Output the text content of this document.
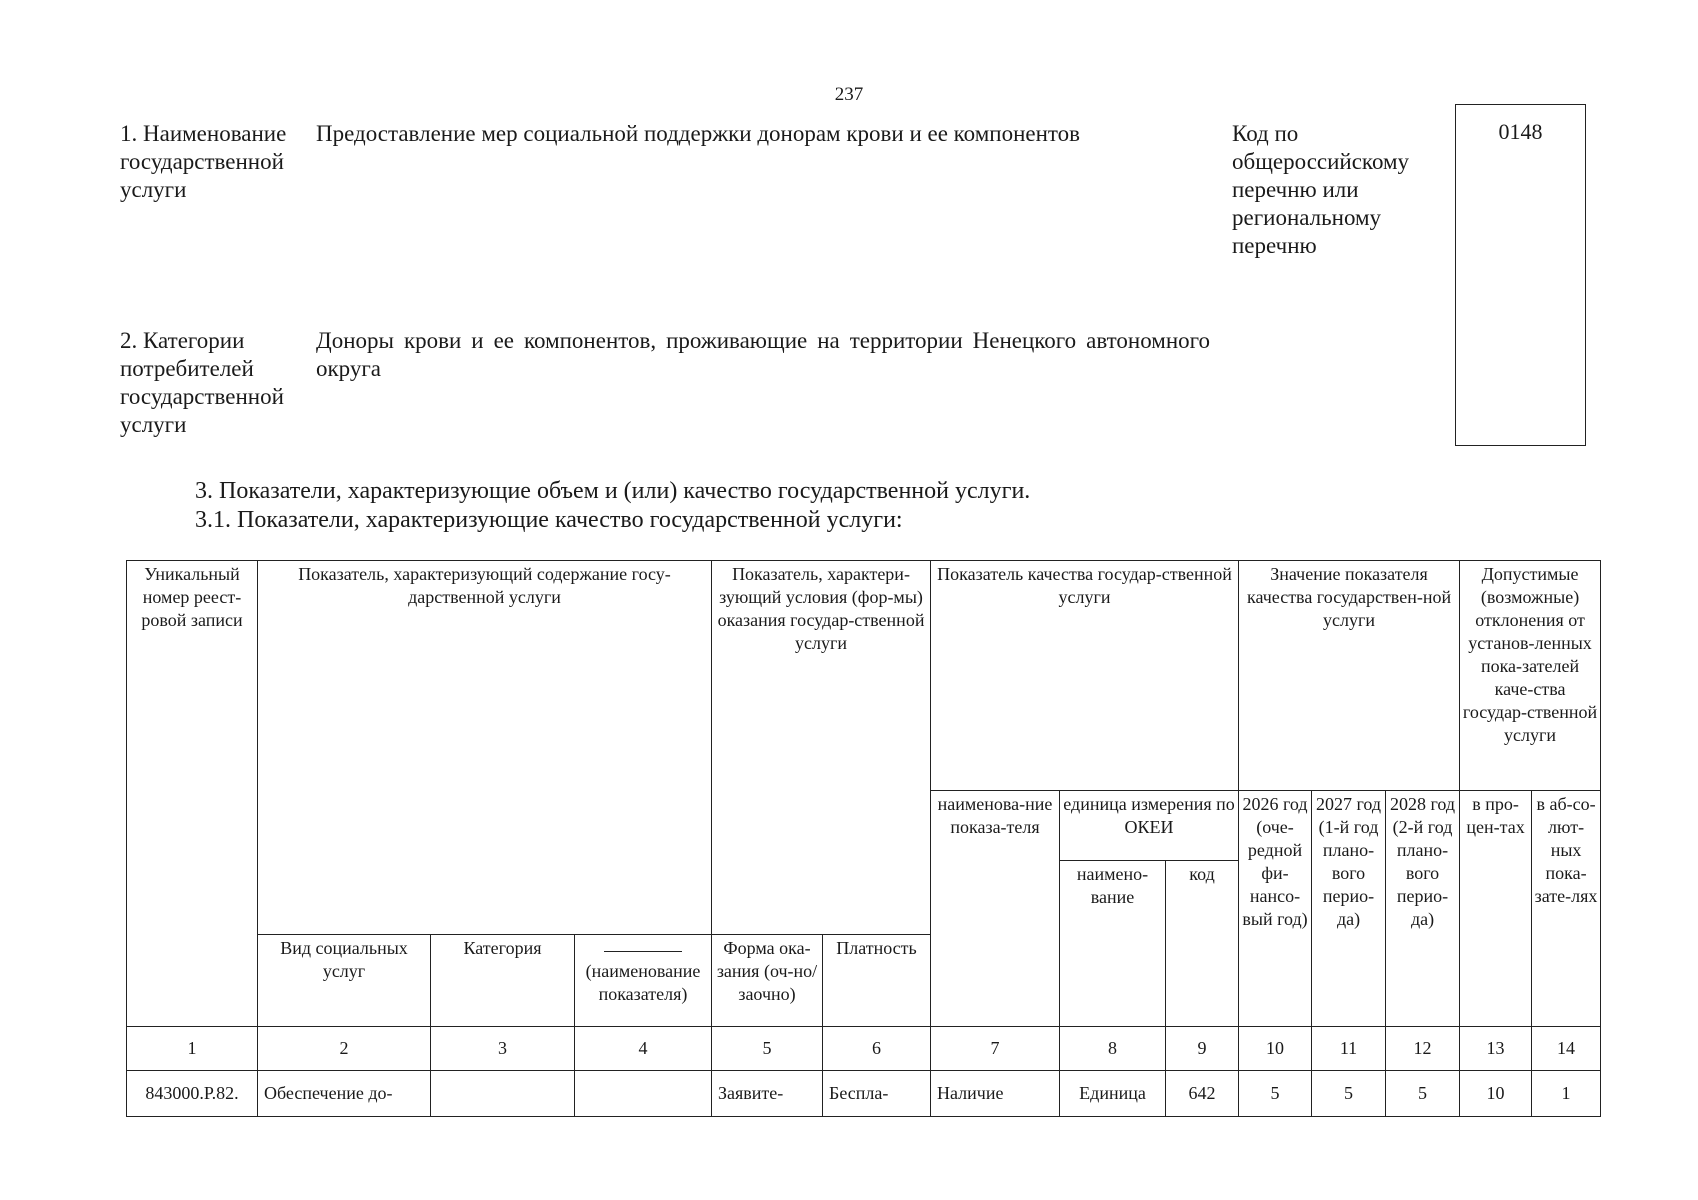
237
1. Наименование государственной услуги
Предоставление мер социальной поддержки донорам крови и ее компонентов	Код по общероссийскому перечню или региональному перечню
0148
2. Категории потребителей государственной услуги
Доноры крови и ее компонентов, проживающие на территории Ненецкого автономного округа
3. Показатели, характеризующие объем и (или) качество государственной услуги.
3.1. Показатели, характеризующие качество государственной услуги:
Уникальный номер реест-ровой записи	Показатель, характеризующий содержание госу-дарственной услуги			Показатель, характери-зующий условия (фор-мы) оказания государ-ственной услуги		Показатель качества госудаp-ственной услуги			Значение показателя качества государствен-ной услуги			Допустимые (возможные) отклонения от установ-ленных пока-зателей каче-ства государ-ственной услуги	
						наименова-ние показа-теля	единица измерения по ОКЕИ		2026 год (оче-редной фи-нансо-вый год)	2027 год (1-й год плано-вого перио-да)	2028 год (2-й год плано-вого перио-да)	в про-цен-тах	в аб-со-лют-ных пока-зате-лях
							наимено-вание	код					
	Вид социальных услуг	Категория	(наименование показателя)	Форма ока-зания (оч-но/заочно)	Платность								
1	2	3	4	5	6	7	8	9	10	11	12	13	14
843000.Р.82.	Обеспечение до-			Заявите-	Беспла-	Наличие	Единица	642	5	5	5	10	1
